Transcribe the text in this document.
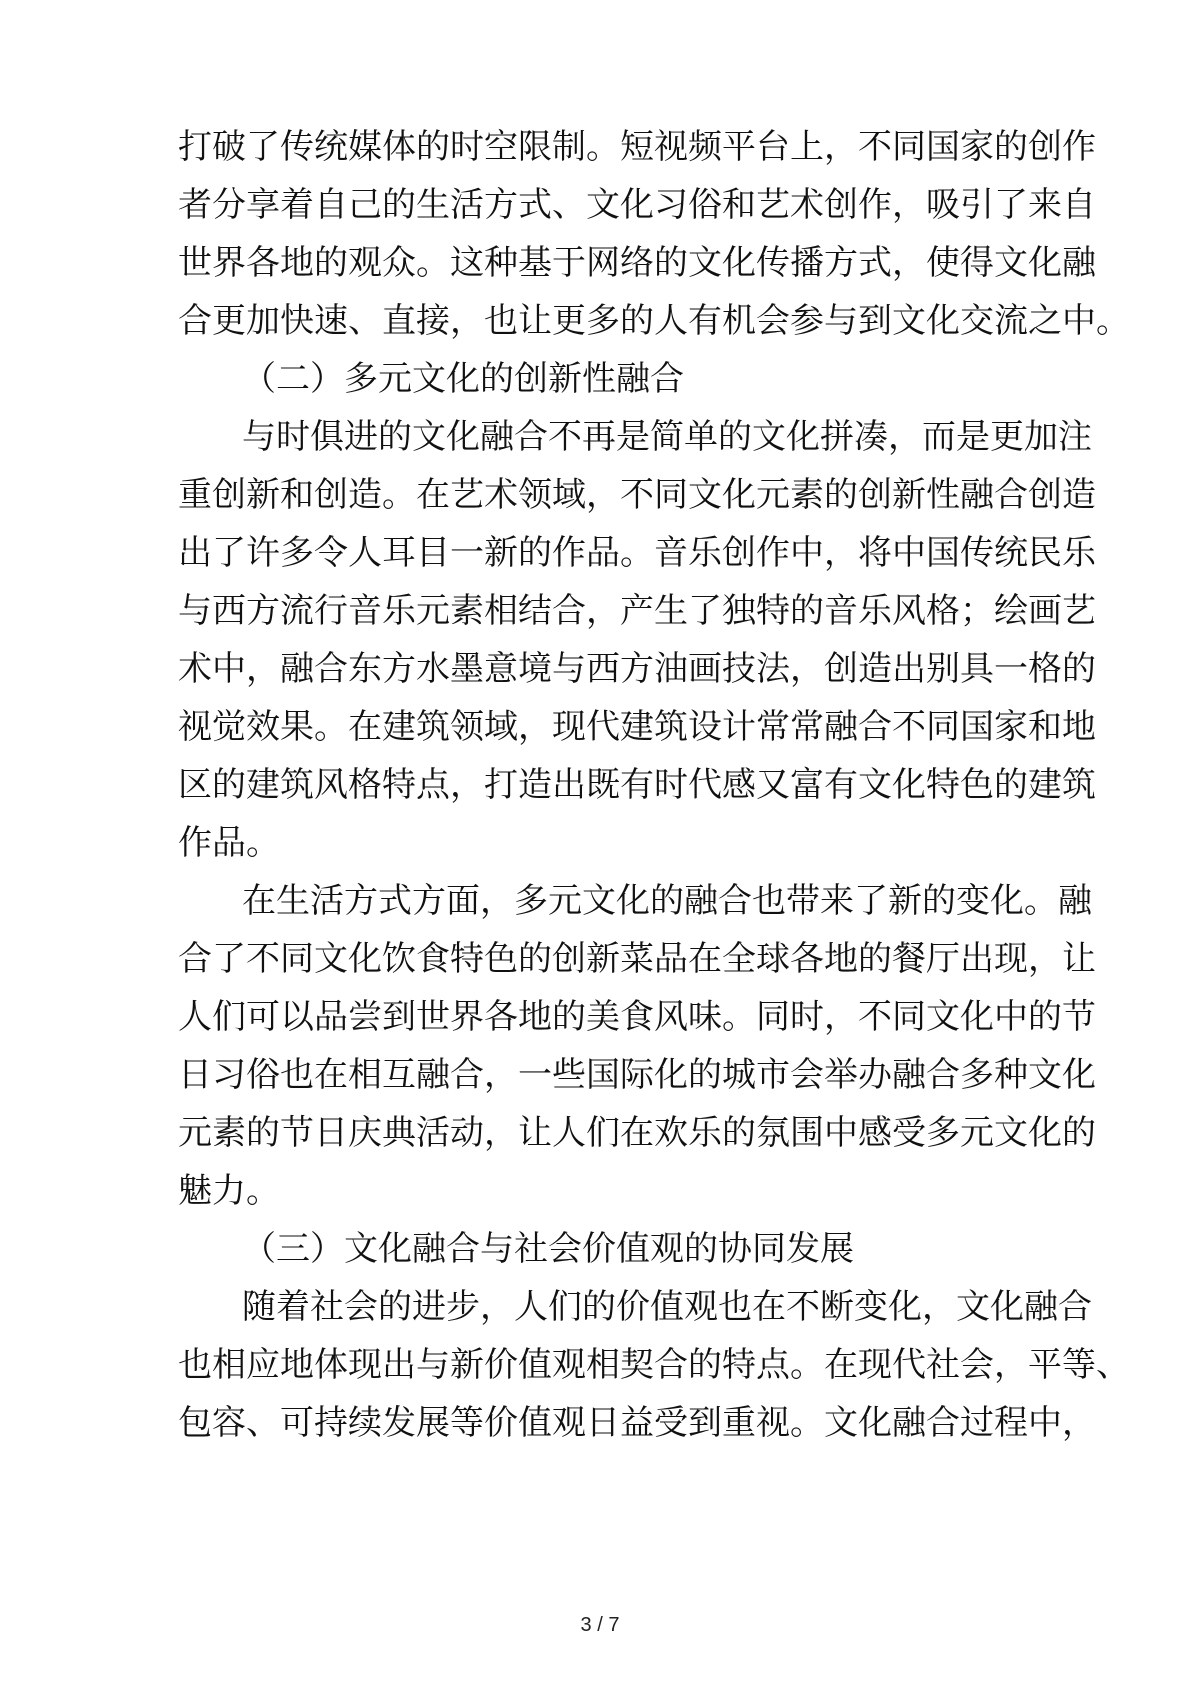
打破了传统媒体的时空限制。短视频平台上，不同国家的创作
者分享着自己的生活方式、文化习俗和艺术创作，吸引了来自
世界各地的观众。这种基于网络的文化传播方式，使得文化融
合更加快速、直接，也让更多的人有机会参与到文化交流之中。
（二）多元文化的创新性融合
与时俱进的文化融合不再是简单的文化拼凑，而是更加注
重创新和创造。在艺术领域，不同文化元素的创新性融合创造
出了许多令人耳目一新的作品。音乐创作中，将中国传统民乐
与西方流行音乐元素相结合，产生了独特的音乐风格；绘画艺
术中，融合东方水墨意境与西方油画技法，创造出别具一格的
视觉效果。在建筑领域，现代建筑设计常常融合不同国家和地
区的建筑风格特点，打造出既有时代感又富有文化特色的建筑
作品。
在生活方式方面，多元文化的融合也带来了新的变化。融
合了不同文化饮食特色的创新菜品在全球各地的餐厅出现，让
人们可以品尝到世界各地的美食风味。同时，不同文化中的节
日习俗也在相互融合，一些国际化的城市会举办融合多种文化
元素的节日庆典活动，让人们在欢乐的氛围中感受多元文化的
魅力。
（三）文化融合与社会价值观的协同发展
随着社会的进步，人们的价值观也在不断变化，文化融合
也相应地体现出与新价值观相契合的特点。在现代社会，平等、
包容、可持续发展等价值观日益受到重视。文化融合过程中，
3 / 7
